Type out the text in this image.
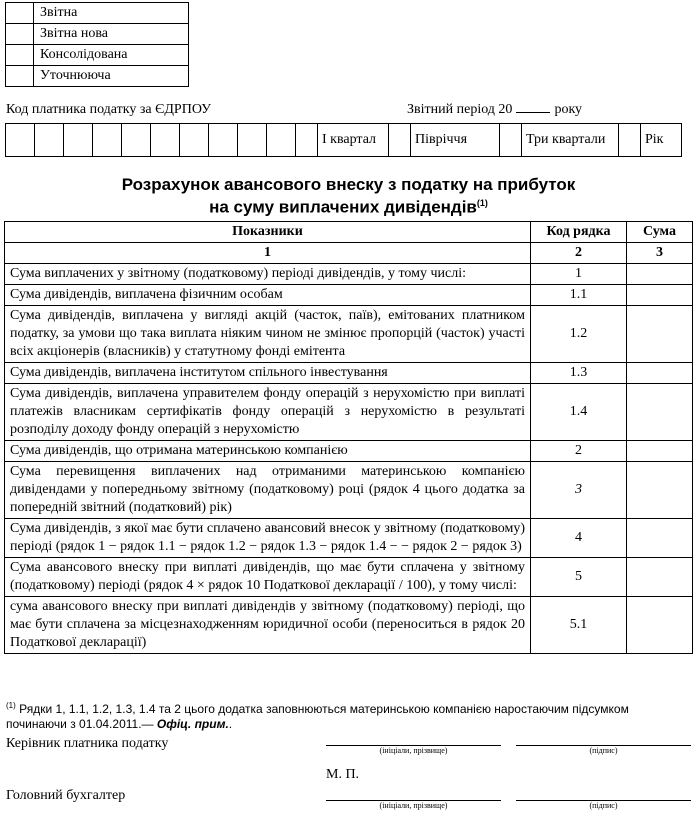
	Звітна
	Звітна нова
	Консолідована
	Уточнююча
Код платника податку за ЄДРПОУ
										Звітний період 20	року
	І квартал		Півріччя		Три квартали		Рік
Розрахунок авансового внеску з податку на прибуток
на суму виплачених дивідендів$^{(1)}$
Показники	Код рядка	Сума
1	2	3
Сума виплачених у звітному (податковому) періоді дивідендів, у тому числі:	1	
Сума дивідендів, виплачена фізичним особам	1.1	
Сума дивідендів, виплачена у вигляді акцій (часток, паїв), емітованих платником податку, за умови що така виплата ніяким чином не змінює пропорцій (часток) участі всіх акціонерів (власників) у статутному фонді емітента	1.2	
Сума дивідендів, виплачена інститутом спільного інвестування	1.3	
Сума дивідендів, виплачена управителем фонду операцій з нерухомістю при виплаті платежів власникам сертифікатів фонду операцій з нерухомістю в результаті розподілу доходу фонду операцій з нерухомістю	1.4	
Сума дивідендів, що отримана материнською компанією	2	
Сума перевищення виплачених над отриманими материнською компанією дивідендами у попередньому звітному (податковому) році (рядок 4 цього додатка за попередній звітний (податковий) рік)	3	
Сума дивідендів, з якої має бути сплачено авансовий внесок у звітному (податковому) періоді (рядок 1 − рядок 1.1 − рядок 1.2 − рядок 1.3 − рядок 1.4 − − рядок 2 − рядок 3)	4	
Сума авансового внеску при виплаті дивідендів, що має бути сплачена у звітному (податковому) періоді (рядок 4 × рядок 10 Податкової декларації / 100), у тому числі:	5	
сума авансового внеску при виплаті дивідендів у звітному (податковому) періоді, що має бути сплачена за місцезнаходженням юридичної особи (переноситься в рядок 20 Податкової декларації)	5.1	
$^{(1)}$ Рядки 1, 1.1, 1.2, 1.3, 1.4 та 2 цього додатка заповнюються материнською компанією наростаючим підсумком починаючи з 01.04.2011.— Офіц. прим..
Керівник платника податку	(ініціали, прізвище)	(підпис)
М. П.
Головний бухгалтер
(ініціали, прізвище)	(підпис)
